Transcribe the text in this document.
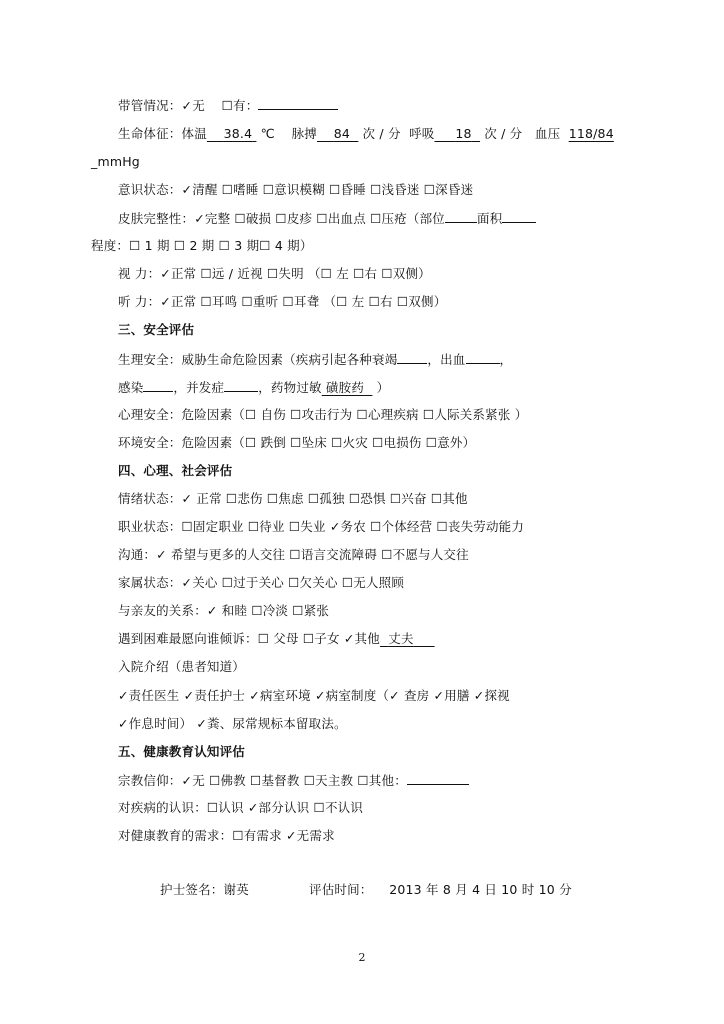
带管情况：✓无 ☐有：
生命体征：体温 38.4 ℃ 脉搏 84 次 / 分 呼吸 18 次 / 分 血压 118/84
_mmHg
意识状态：✓清醒 ☐嗜睡 ☐意识模糊 ☐昏睡 ☐浅昏迷 ☐深昏迷
皮肤完整性：✓完整 ☐破损 ☐皮疹 ☐出血点 ☐压疮（部位	面积
程度：☐ 1 期 ☐ 2 期 ☐ 3 期☐ 4 期）
视 力：✓正常 ☐远 / 近视 ☐失明 （☐ 左 ☐右 ☐双侧）
听 力：✓正常 ☐耳鸣 ☐重听 ☐耳聋 （☐ 左 ☐右 ☐双侧）
三、安全评估
生理安全：威胁生命危险因素（疾病引起各种衰竭 ，出血	，
感染 ，并发症	，药物过敏 磺胺药 ）
心理安全：危险因素（☐ 自伤 ☐攻击行为 ☐心理疾病 ☐人际关系紧张 ）
环境安全：危险因素（☐ 跌倒 ☐坠床 ☐火灾 ☐电损伤 ☐意外）
四、心理、社会评估
情绪状态：✓ 正常 ☐悲伤 ☐焦虑 ☐孤独 ☐恐惧 ☐兴奋 ☐其他
职业状态：☐固定职业 ☐待业 ☐失业 ✓务农 ☐个体经营 ☐丧失劳动能力
沟通：✓ 希望与更多的人交往 ☐语言交流障碍 ☐不愿与人交往
家属状态：✓关心 ☐过于关心 ☐欠关心 ☐无人照顾
与亲友的关系：✓ 和睦 ☐冷淡 ☐紧张
遇到困难最愿向谁倾诉：☐ 父母 ☐子女 ✓其他 丈夫
入院介绍（患者知道）
✓责任医生 ✓责任护士 ✓病室环境 ✓病室制度（✓ 查房 ✓用膳 ✓探视
✓作息时间） ✓粪、尿常规标本留取法。
五、健康教育认知评估
宗教信仰：✓无 ☐佛教 ☐基督教 ☐天主教 ☐其他：
对疾病的认识：☐认识 ✓部分认识 ☐不认识
对健康教育的需求：☐有需求 ✓无需求
护士签名：谢英	评估时间： 2013 年 8 月 4 日 10 时 10 分
2
